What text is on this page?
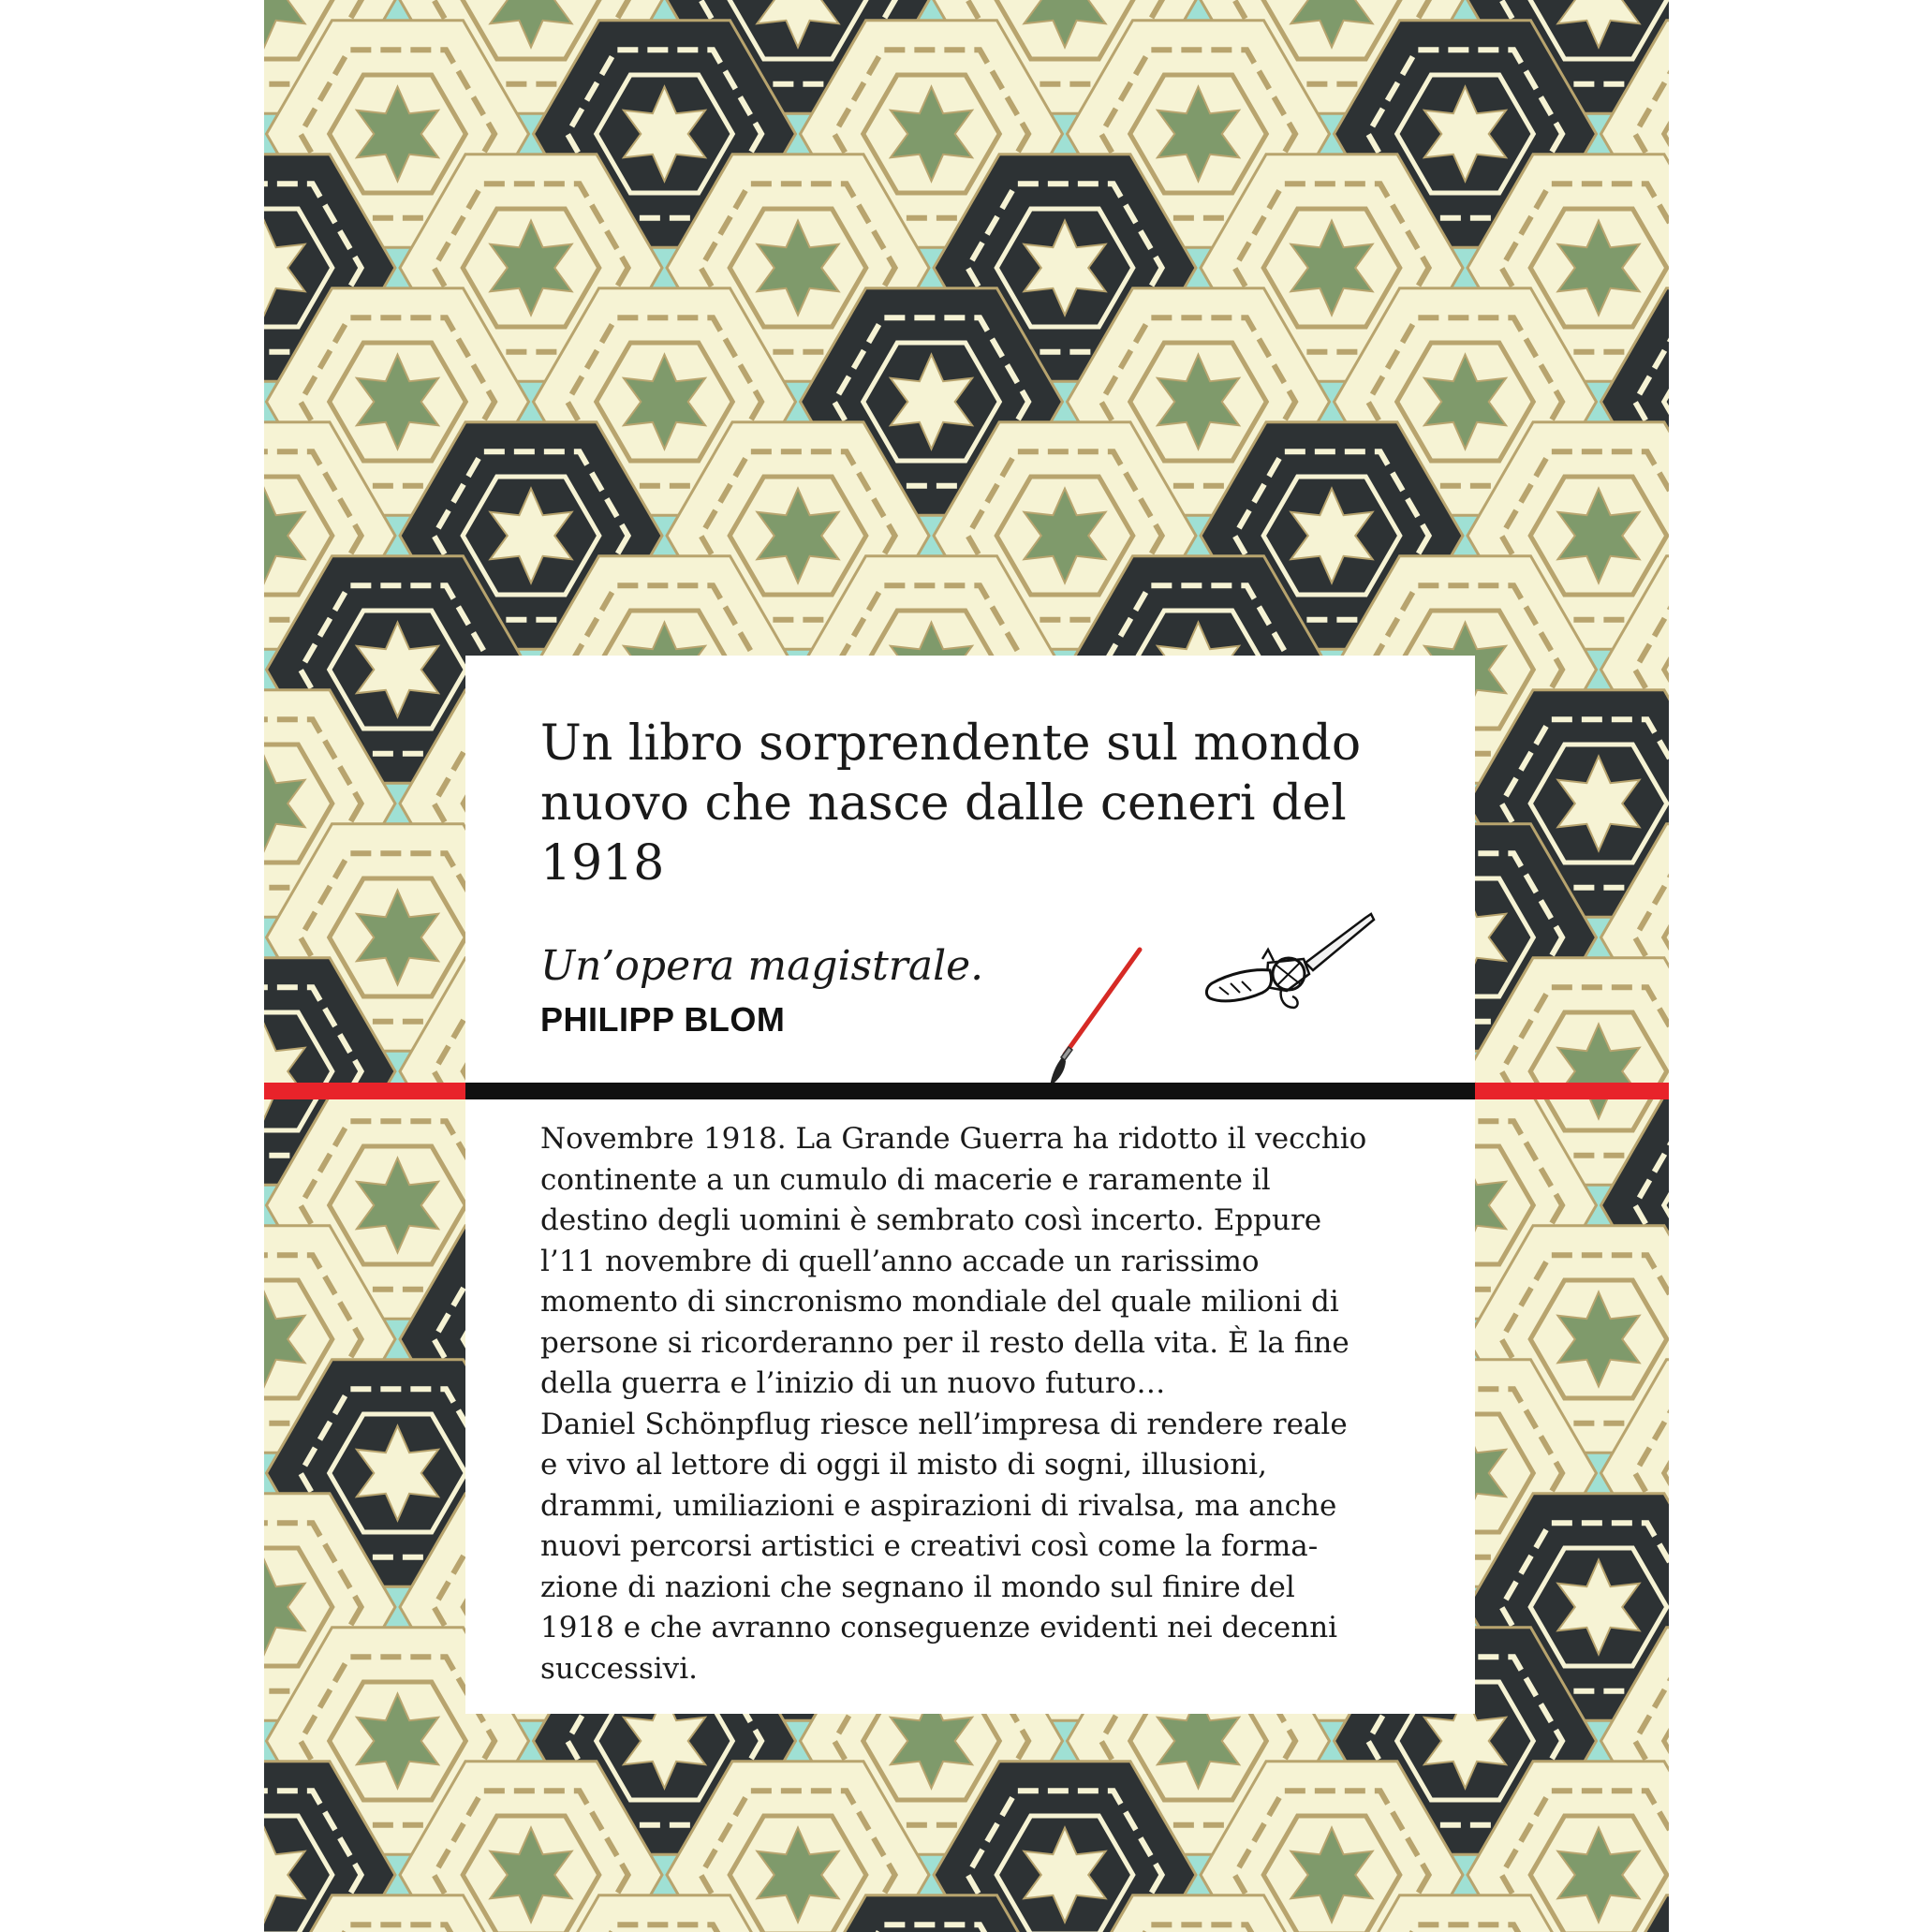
Un libro sorprendente sul mondo nuovo che nasce dalle ceneri del 1918

Un’opera magistrale.

PHILIPP BLOM

Novembre 1918. La Grande Guerra ha ridotto il vecchio
continente a un cumulo di macerie e raramente il
destino degli uomini è sembrato così incerto. Eppure
l’11 novembre di quell’anno accade un rarissimo
momento di sincronismo mondiale del quale milioni di
persone si ricorderanno per il resto della vita. È la fine
della guerra e l’inizio di un nuovo futuro…
Daniel Schönpflug riesce nell’impresa di rendere reale
e vivo al lettore di oggi il misto di sogni, illusioni,
drammi, umiliazioni e aspirazioni di rivalsa, ma anche
nuovi percorsi artistici e creativi così come la forma-
zione di nazioni che segnano il mondo sul finire del
1918 e che avranno conseguenze evidenti nei decenni
successivi.
